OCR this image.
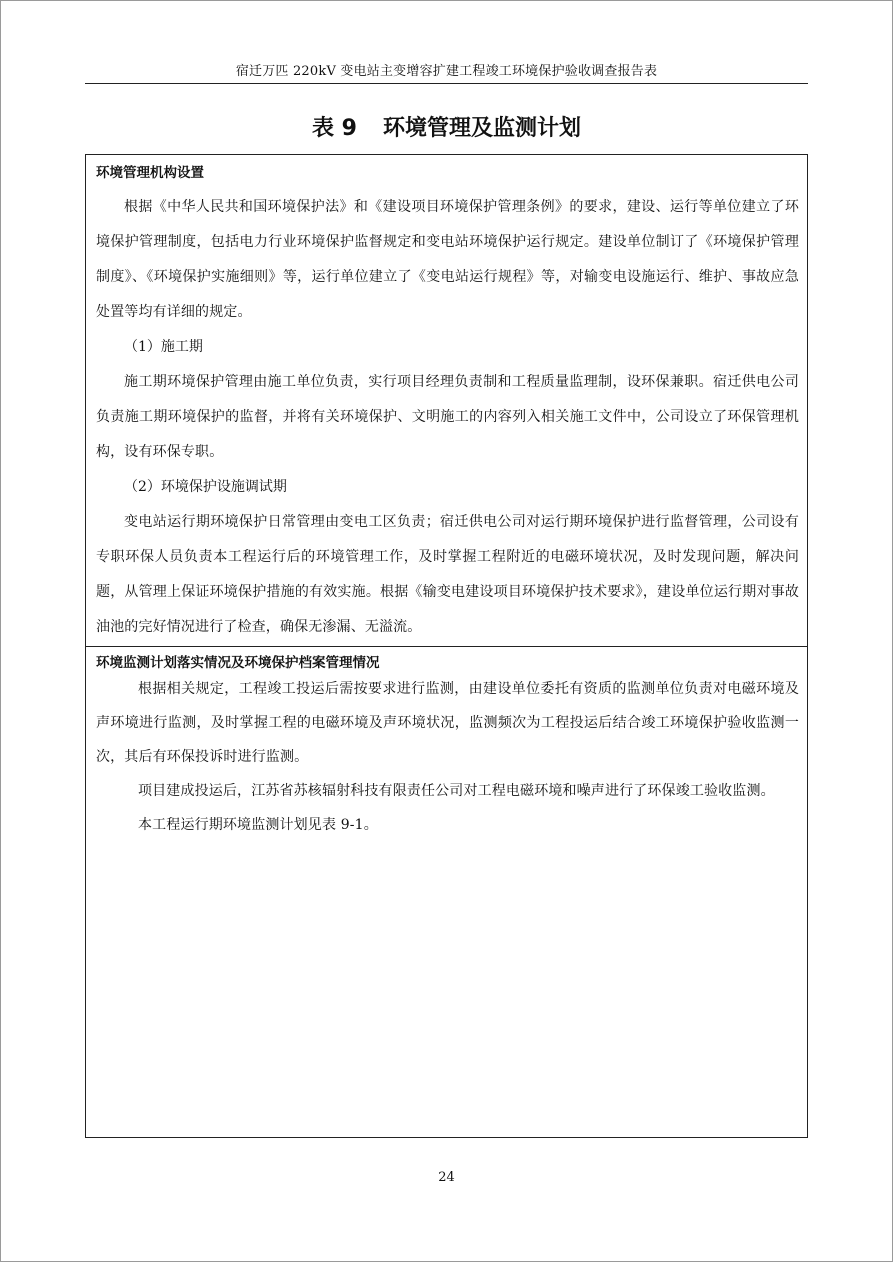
宿迁万匹 220kV 变电站主变增容扩建工程竣工环境保护验收调查报告表
表 9 环境管理及监测计划
环境管理机构设置

根据《中华人民共和国环境保护法》和《建设项目环境保护管理条例》的要求，建设、运行等单位建立了环境保护管理制度，包括电力行业环境保护监督规定和变电站环境保护运行规定。建设单位制订了《环境保护管理制度》、《环境保护实施细则》等，运行单位建立了《变电站运行规程》等，对输变电设施运行、维护、事故应急处置等均有详细的规定。

（1）施工期

施工期环境保护管理由施工单位负责，实行项目经理负责制和工程质量监理制，设环保兼职。宿迁供电公司负责施工期环境保护的监督，并将有关环境保护、文明施工的内容列入相关施工文件中，公司设立了环保管理机构，设有环保专职。

（2）环境保护设施调试期

变电站运行期环境保护日常管理由变电工区负责；宿迁供电公司对运行期环境保护进行监督管理，公司设有专职环保人员负责本工程运行后的环境管理工作，及时掌握工程附近的电磁环境状况，及时发现问题，解决问题，从管理上保证环境保护措施的有效实施。根据《输变电建设项目环境保护技术要求》，建设单位运行期对事故油池的完好情况进行了检查，确保无渗漏、无溢流。

环境监测计划落实情况及环境保护档案管理情况

根据相关规定，工程竣工投运后需按要求进行监测，由建设单位委托有资质的监测单位负责对电磁环境及声环境进行监测，及时掌握工程的电磁环境及声环境状况，监测频次为工程投运后结合竣工环境保护验收监测一次，其后有环保投诉时进行监测。

项目建成投运后，江苏省苏核辐射科技有限责任公司对工程电磁环境和噪声进行了环保竣工验收监测。

本工程运行期环境监测计划见表 9-1。

24
